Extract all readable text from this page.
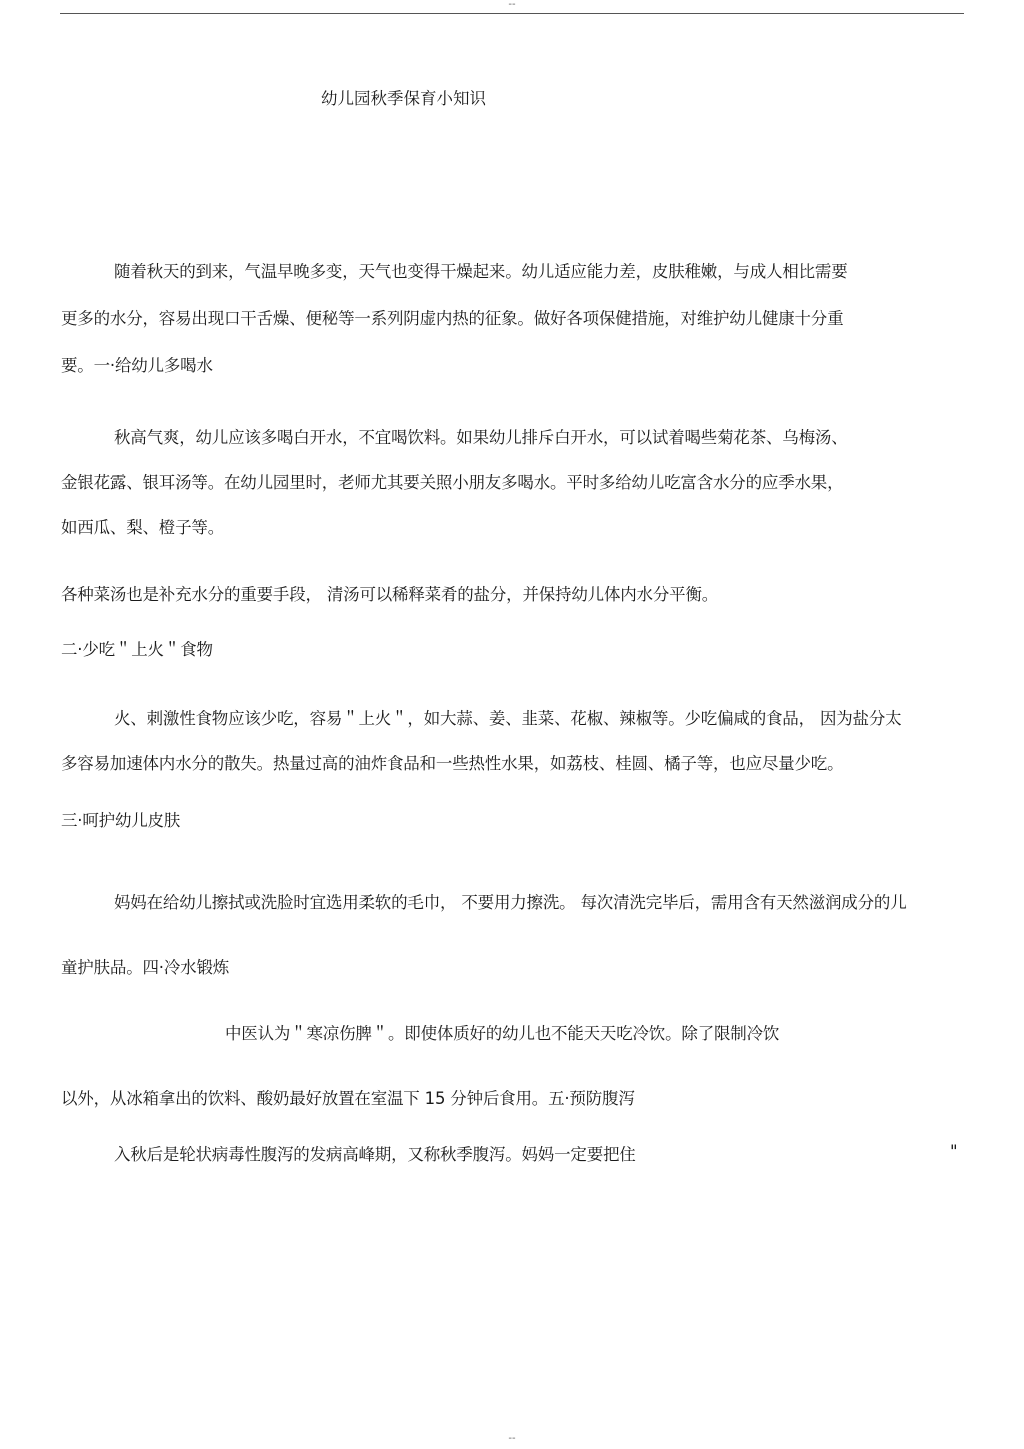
--
幼儿园秋季保育小知识
随着秋天的到来，气温早晚多变，天气也变得干燥起来。幼儿适应能力差，皮肤稚嫩，与成人相比需要
更多的水分，容易出现口干舌燥、便秘等一系列阴虚内热的征象。做好各项保健措施，对维护幼儿健康十分重
要。一·给幼儿多喝水
秋高气爽，幼儿应该多喝白开水，不宜喝饮料。如果幼儿排斥白开水，可以试着喝些菊花茶、乌梅汤、
金银花露、银耳汤等。在幼儿园里时，老师尤其要关照小朋友多喝水。平时多给幼儿吃富含水分的应季水果，
如西瓜、梨、橙子等。
各种菜汤也是补充水分的重要手段， 清汤可以稀释菜肴的盐分，并保持幼儿体内水分平衡。
二·少吃＂上火＂食物
火、刺激性食物应该少吃，容易＂上火＂，如大蒜、姜、韭菜、花椒、辣椒等。少吃偏咸的食品， 因为盐分太
多容易加速体内水分的散失。热量过高的油炸食品和一些热性水果，如荔枝、桂圆、橘子等，也应尽量少吃。
三·呵护幼儿皮肤
妈妈在给幼儿擦拭或洗脸时宜选用柔软的毛巾， 不要用力擦洗。 每次清洗完毕后，需用含有天然滋润成分的儿
童护肤品。四·冷水锻炼
中医认为＂寒凉伤脾＂。即使体质好的幼儿也不能天天吃冷饮。除了限制冷饮
以外，从冰箱拿出的饮料、酸奶最好放置在室温下 15 分钟后食用。五·预防腹泻
入秋后是轮状病毒性腹泻的发病高峰期，又称秋季腹泻。妈妈一定要把住	"
--
